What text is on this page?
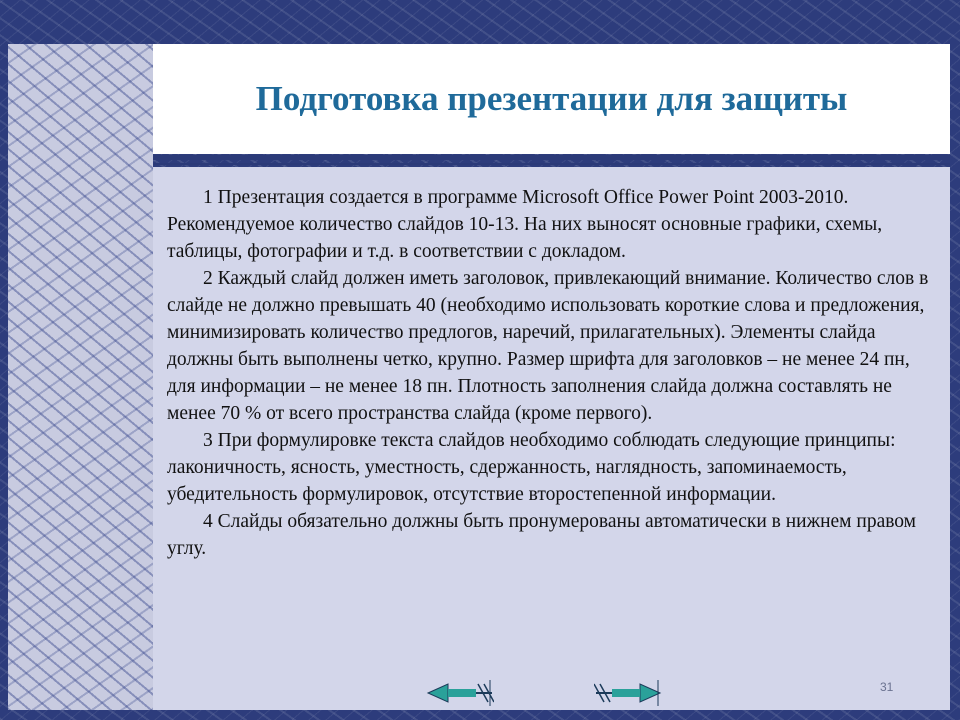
Подготовка презентации для защиты

1 Презентация создается в программе Microsoft Office Power Point 2003-2010. Рекомендуемое количество слайдов 10-13. На них выносят основные графики, схемы, таблицы, фотографии и т.д. в соответствии с докладом.

2 Каждый слайд должен иметь заголовок, привлекающий внимание. Количество слов в слайде не должно превышать 40 (необходимо использовать короткие слова и предложения, минимизировать количество предлогов, наречий, прилагательных). Элементы слайда должны быть выполнены четко, крупно. Размер шрифта для заголовков – не менее 24 пн, для информации – не менее 18 пн. Плотность заполнения слайда должна составлять не менее 70 % от всего пространства слайда (кроме первого).

3 При формулировке текста слайдов необходимо соблюдать следующие принципы: лаконичность, ясность, уместность, сдержанность, наглядность, запоминаемость, убедительность формулировок, отсутствие второстепенной информации.

4 Слайды обязательно должны быть пронумерованы автоматически в нижнем правом углу.

31
